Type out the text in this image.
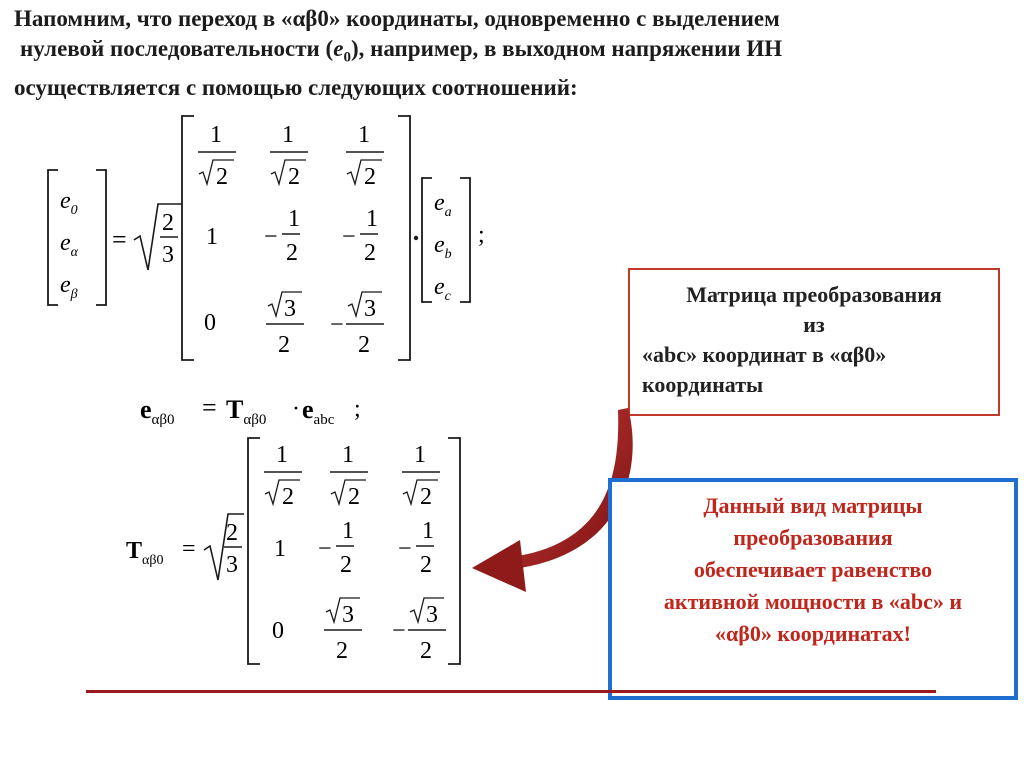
Напомним, что переход в «αβ0» координаты, одновременно с выделением

нулевой последовательности $(e_0)$, например, в выходном напряжении ИН
осуществляется с помощью следующих соотношений:
$e_0$
$e_\alpha$
$e_\beta$
=
2
3
1
2
1
2
1
2
1 −
1
2
−
1
2
0
3
2
−
3
2
$e_a$
$e_b$
$e_c$
;
$e_{\alpha\beta 0} = T_{\alpha\beta 0} \cdot e_{abc}$ ;
$T_{\alpha\beta 0}$ =
2
3
1
2
1
2
1
2
1 −
1
2
−
1
2
0
3
2
−
3
2
Матрица преобразования
из

«abc» координат в «αβ0»
координаты
Данный вид матрицы
преобразования
обеспечивает равенство
активной мощности в «abc» и
«αβ0» координатах!
